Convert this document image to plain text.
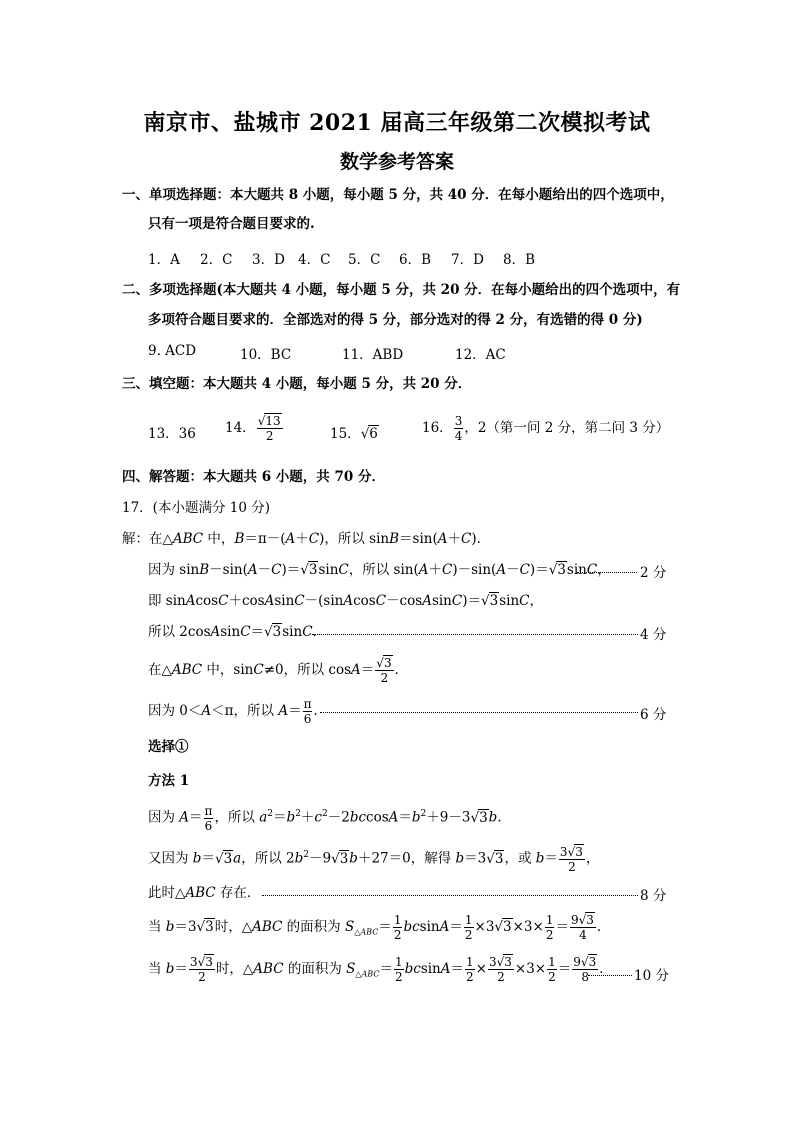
南京市、盐城市 2021 届高三年级第二次模拟考试
数学参考答案
一、单项选择题：本大题共 8 小题，每小题 5 分，共 40 分．在每小题给出的四个选项中，
只有一项是符合题目要求的.
1．A 2．C 3．D 4．C 5．C 6．B 7．D 8．B
二、多项选择题(本大题共 4 小题，每小题 5 分，共 20 分．在每小题给出的四个选项中，有
多项符合题目要求的．全部选对的得 5 分，部分选对的得 2 分，有选错的得 0 分)
9. ACD	10．BC	11．ABD	12．AC
三、填空题：本大题共 4 小题，每小题 5 分，共 20 分．
13．36 14． $\frac{√13}{2}$	15．√6	16． $\frac{3}{4}$ ，2（第一问 2 分，第二问 3 分）
四、解答题：本大题共 6 小题，共 70 分．
17．(本小题满分 10 分)
解：在△ABC 中，B＝π－(A＋C)，所以 sinB＝sin(A＋C)．
因为 sinB－sin(A－C)＝√3sinC，所以 sin(A＋C)－sin(A－C)＝√3sinC， 2 分
即 sinAcosC＋cosAsinC－(sinAcosC－cosAsinC)＝√3sinC，
所以 2cosAsinC＝√3sinC．	4 分
在△ABC 中，sinC≠0，所以 $\cos A= \frac{√3}{2}$ ．
因为 0＜A＜π，所以 $A= \frac{\pi}{6}$ ．	6 分
选择①
方法 1
因为 $A= \frac{\pi}{6}$ ，所以 $a^2=b^2+c^2-2bccosA=b^2+9-3√3b$．
又因为 b＝√3a，所以 $2b^2-9√3b+27=0$，解得 b＝3√3，或 $b= \frac{3√3}{2}$ ，
此时△ABC 存在．	8 分
当 b＝3√3时，△ABC 的面积为 $S_{\triangle ABC}= \frac{1}{2} bcsinA= \frac{1}{2} \times 3√3\times 3\times \frac{1}{2} = \frac{9√3}{4}$ ．
当 $b= \frac{3√3}{2}$ 时，△ABC 的面积为 $S_{\triangle ABC}= \frac{1}{2} bcsinA= \frac{1}{2} \times \frac{3√3}{2} \times 3\times \frac{1}{2} = \frac{9√3}{8}$ ． 10 分
